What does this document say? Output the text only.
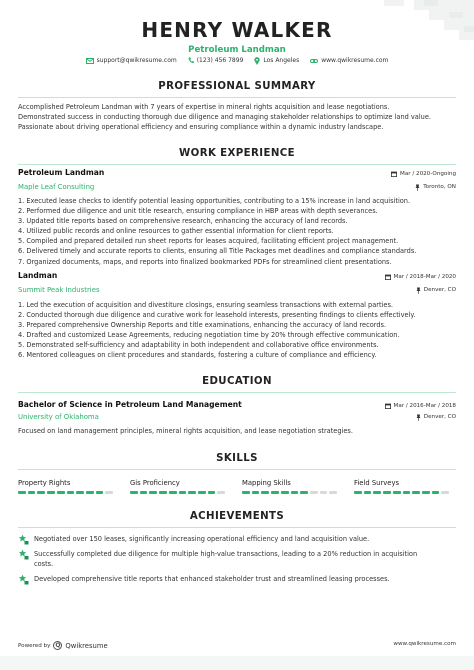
HENRY WALKER
Petroleum Landman
support@qwikresume.com	(123) 456 7899	Los Angeles	www.qwikresume.com
PROFESSIONAL SUMMARY
Accomplished Petroleum Landman with 7 years of expertise in mineral rights acquisition and lease negotiations.
Demonstrated success in conducting thorough due diligence and managing stakeholder relationships to optimize land value.
Passionate about driving operational efficiency and ensuring compliance within a dynamic industry landscape.
WORK EXPERIENCE
Petroleum Landman	Mar / 2020-Ongoing
Maple Leaf Consulting	Toronto, ON
1. Executed lease checks to identify potential leasing opportunities, contributing to a 15% increase in land acquisition.
2. Performed due diligence and unit title research, ensuring compliance in HBP areas with depth severances.
3. Updated title reports based on comprehensive research, enhancing the accuracy of land records.
4. Utilized public records and online resources to gather essential information for client reports.
5. Compiled and prepared detailed run sheet reports for leases acquired, facilitating efficient project management.
6. Delivered timely and accurate reports to clients, ensuring all Title Packages met deadlines and compliance standards.
7. Organized documents, maps, and reports into finalized bookmarked PDFs for streamlined client presentations.
Landman	Mar / 2018-Mar / 2020
Summit Peak Industries	Denver, CO
1. Led the execution of acquisition and divestiture closings, ensuring seamless transactions with external parties.
2. Conducted thorough due diligence and curative work for leasehold interests, presenting findings to clients effectively.
3. Prepared comprehensive Ownership Reports and title examinations, enhancing the accuracy of land records.
4. Drafted and customized Lease Agreements, reducing negotiation time by 20% through effective communication.
5. Demonstrated self-sufficiency and adaptability in both independent and collaborative office environments.
6. Mentored colleagues on client procedures and standards, fostering a culture of compliance and efficiency.
EDUCATION
Bachelor of Science in Petroleum Land Management	Mar / 2016-Mar / 2018
University of Oklahoma	Denver, CO
Focused on land management principles, mineral rights acquisition, and lease negotiation strategies.
SKILLS
Property Rights	Gis Proficiency	Mapping Skills	Field Surveys
ACHIEVEMENTS
Negotiated over 150 leases, significantly increasing operational efficiency and land acquisition value.
Successfully completed due diligence for multiple high-value transactions, leading to a 20% reduction in acquisition
costs.
Developed comprehensive title reports that enhanced stakeholder trust and streamlined leasing processes.
Powered by Q Qwikresume	www.qwikresume.com
